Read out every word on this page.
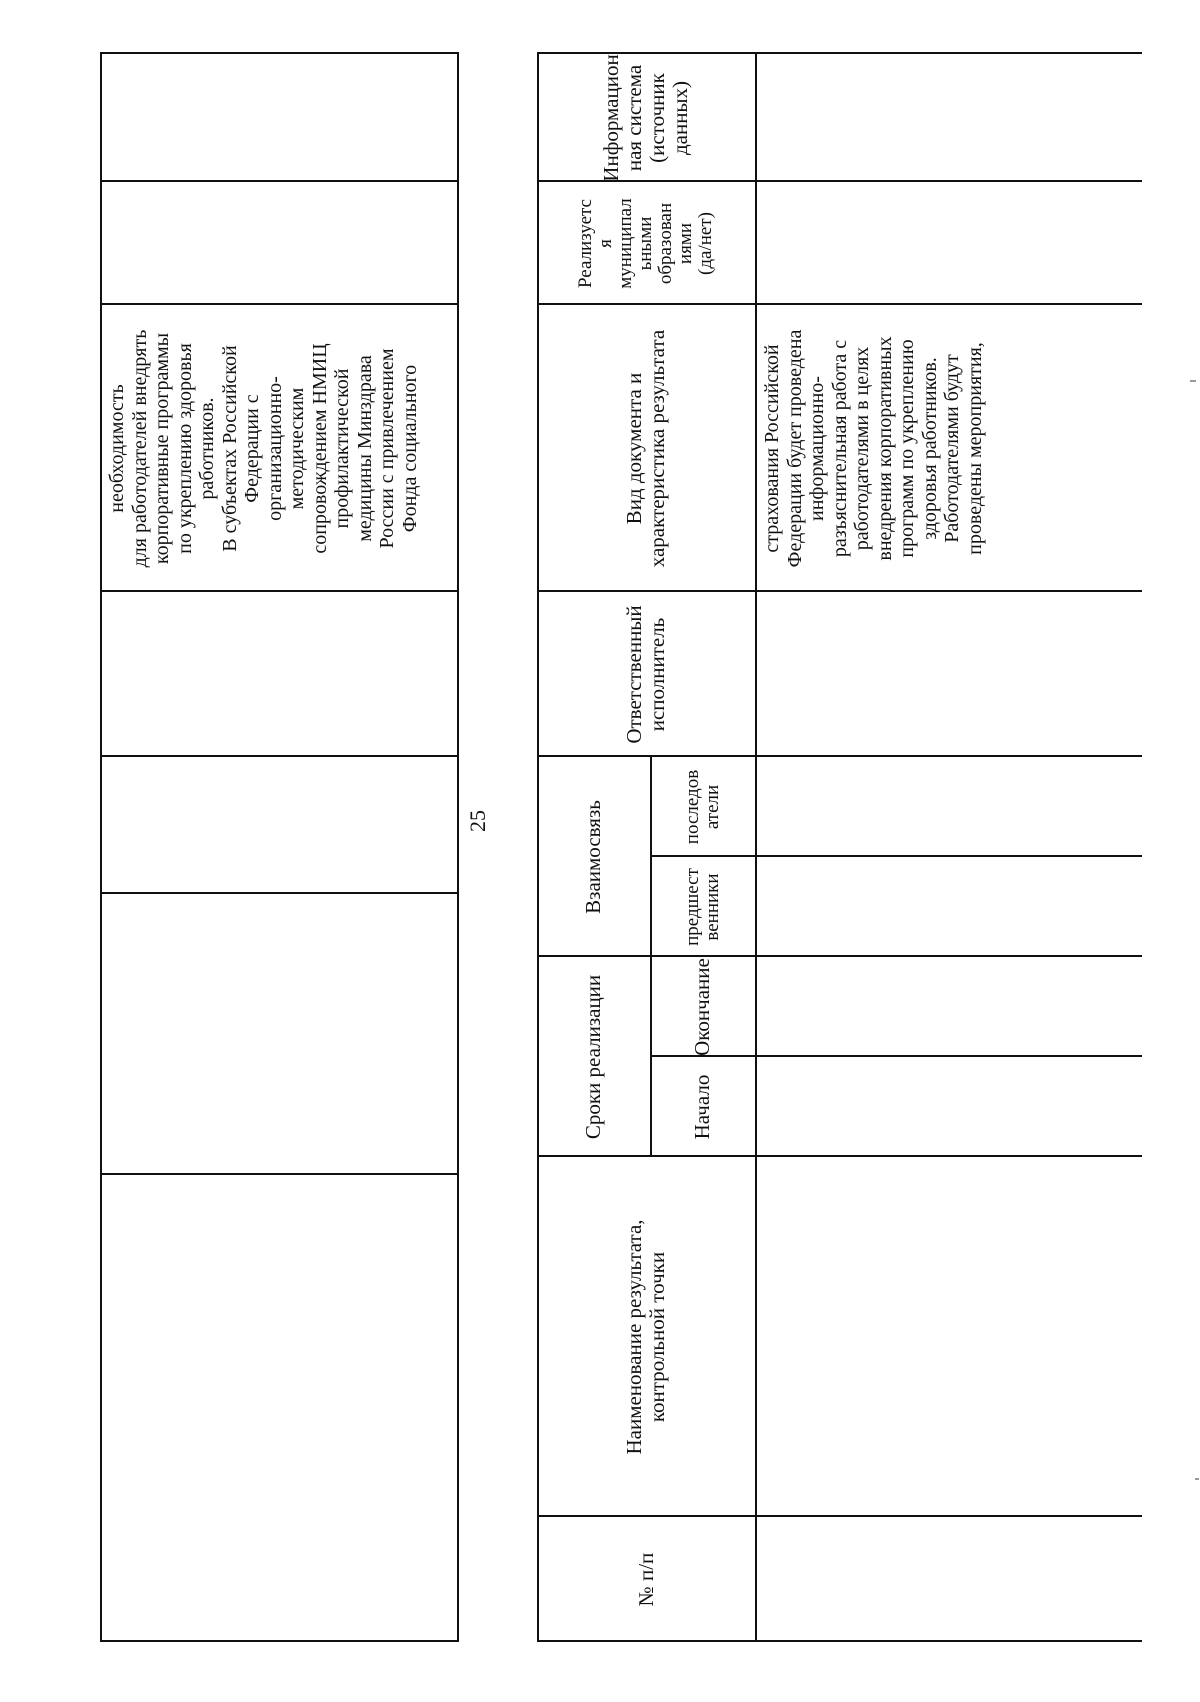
необходимость
для работодателей внедрять
корпоративные программы
по укреплению здоровья
работников.
В субъектах Российской
Федерации с
организационно-
методическим
сопровождением НМИЦ
профилактической
медицины Минздрава
России с привлечением
Фонда социального
25
№ п/п
Наименование результата,
контрольной точки
Сроки реализации	Начало
Окончание
Взаимосвязь	предшест
венники
последов
атели
Ответственный
исполнитель
Вид документа и
характеристика результата
Реализуетс
я
муниципал
ьными
образован
иями
(да/нет)
Информацион
ная система
(источник
данных)
страхования Российской
Федерации будет проведена
информационно-
разъяснительная работа с
работодателями в целях
внедрения корпоративных
программ по укреплению
здоровья работников.
Работодателями будут
проведены мероприятия,
